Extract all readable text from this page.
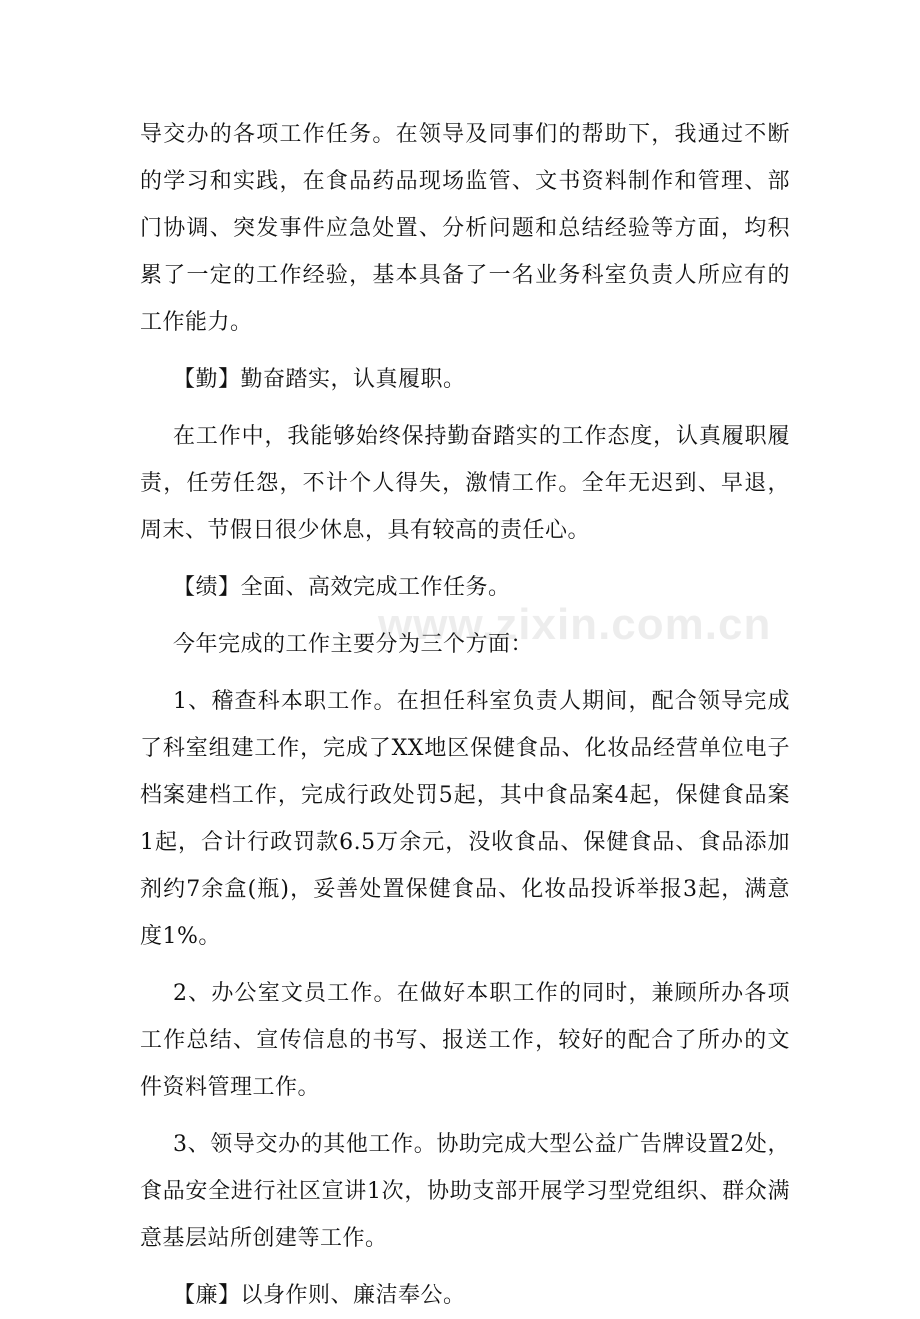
导交办的各项工作任务。在领导及同事们的帮助下，我通过不断的学习和实践，在食品药品现场监管、文书资料制作和管理、部门协调、突发事件应急处置、分析问题和总结经验等方面，均积累了一定的工作经验，基本具备了一名业务科室负责人所应有的工作能力。

【勤】勤奋踏实，认真履职。

在工作中，我能够始终保持勤奋踏实的工作态度，认真履职履责，任劳任怨，不计个人得失，激情工作。全年无迟到、早退，周末、节假日很少休息，具有较高的责任心。

【绩】全面、高效完成工作任务。

今年完成的工作主要分为三个方面：

1、稽查科本职工作。在担任科室负责人期间，配合领导完成了科室组建工作，完成了XX地区保健食品、化妆品经营单位电子档案建档工作，完成行政处罚5起，其中食品案4起，保健食品案1起，合计行政罚款6.5万余元，没收食品、保健食品、食品添加剂约7余盒(瓶)，妥善处置保健食品、化妆品投诉举报3起，满意度1%。

2、办公室文员工作。在做好本职工作的同时，兼顾所办各项工作总结、宣传信息的书写、报送工作，较好的配合了所办的文件资料管理工作。

3、领导交办的其他工作。协助完成大型公益广告牌设置2处，食品安全进行社区宣讲1次，协助支部开展学习型党组织、群众满意基层站所创建等工作。

【廉】以身作则、廉洁奉公。

www.zixin.com.cn
